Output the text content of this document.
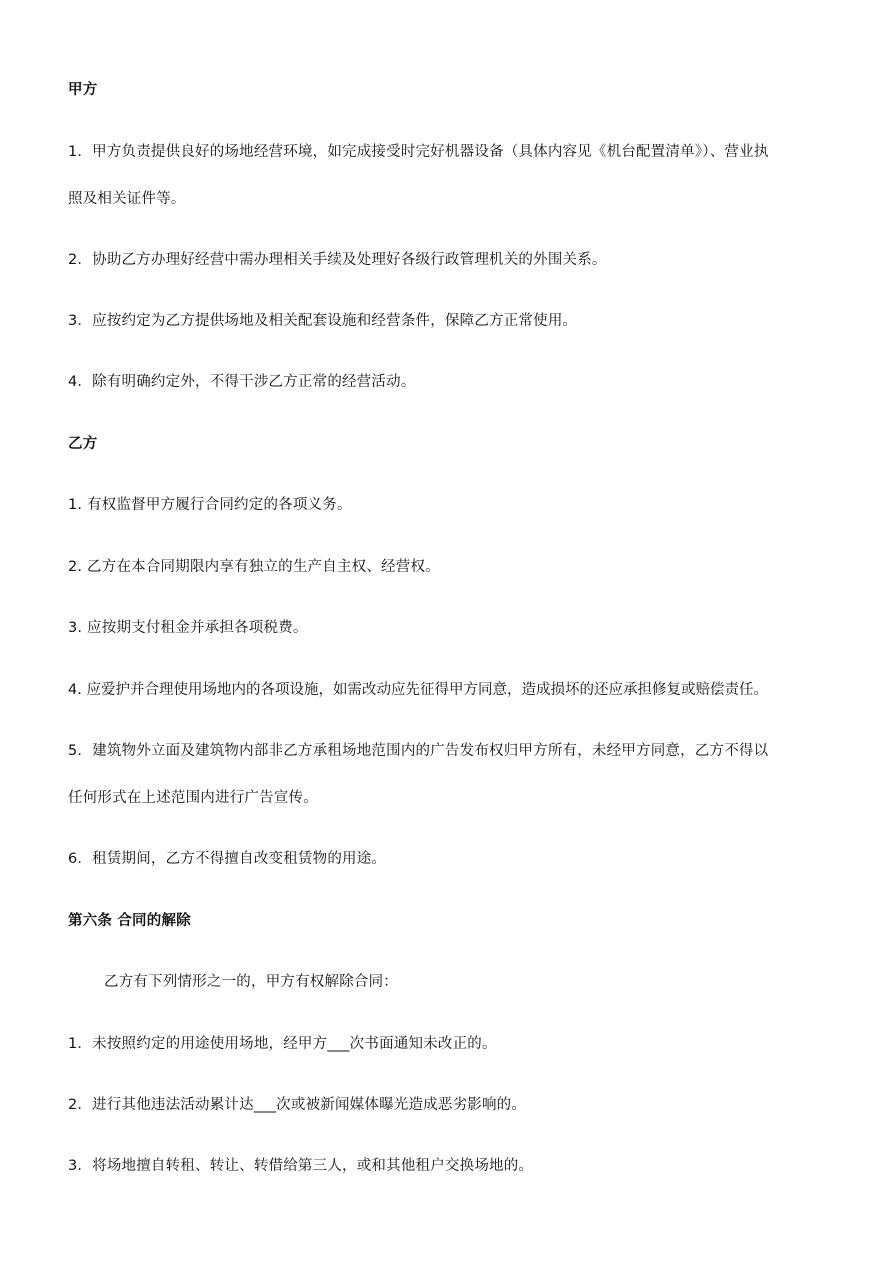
甲方
1．甲方负责提供良好的场地经营环境，如完成接受时完好机器设备（具体内容见《机台配置清单》）、营业执
照及相关证件等。
2．协助乙方办理好经营中需办理相关手续及处理好各级行政管理机关的外围关系。
3．应按约定为乙方提供场地及相关配套设施和经营条件，保障乙方正常使用。
4．除有明确约定外，不得干涉乙方正常的经营活动。
乙方
1. 有权监督甲方履行合同约定的各项义务。
2. 乙方在本合同期限内享有独立的生产自主权、经营权。
3. 应按期支付租金并承担各项税费。
4. 应爱护并合理使用场地内的各项设施，如需改动应先征得甲方同意，造成损坏的还应承担修复或赔偿责任。
5．建筑物外立面及建筑物内部非乙方承租场地范围内的广告发布权归甲方所有，未经甲方同意，乙方不得以
任何形式在上述范围内进行广告宣传。
6．租赁期间，乙方不得擅自改变租赁物的用途。
第六条 合同的解除
乙方有下列情形之一的，甲方有权解除合同：
1．未按照约定的用途使用场地，经甲方___次书面通知未改正的。
2．进行其他违法活动累计达___次或被新闻媒体曝光造成恶劣影响的。
3．将场地擅自转租、转让、转借给第三人，或和其他租户交换场地的。
